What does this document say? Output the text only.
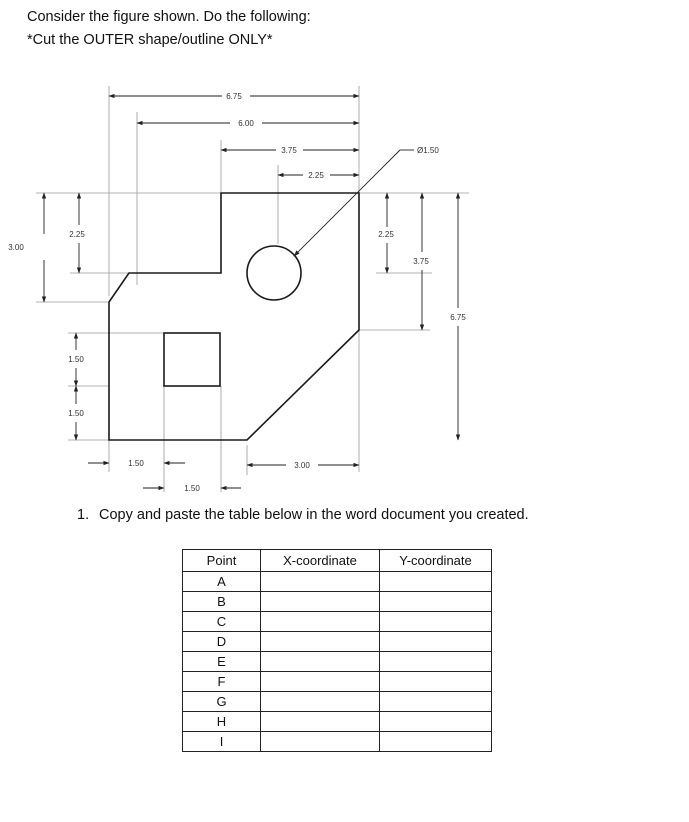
Consider the figure shown. Do the following:
*Cut the OUTER shape/outline ONLY*
6.75
6.00
3.75
2.25
Ø1.50
3.00
2.25
1.50
1.50
2.25
3.75
6.75
1.50
1.50
3.00
1. Copy and paste the table below in the word document you created.
Point	X-coordinate	Y-coordinate
A		
B		
C		
D		
E		
F		
G		
H		
I		
